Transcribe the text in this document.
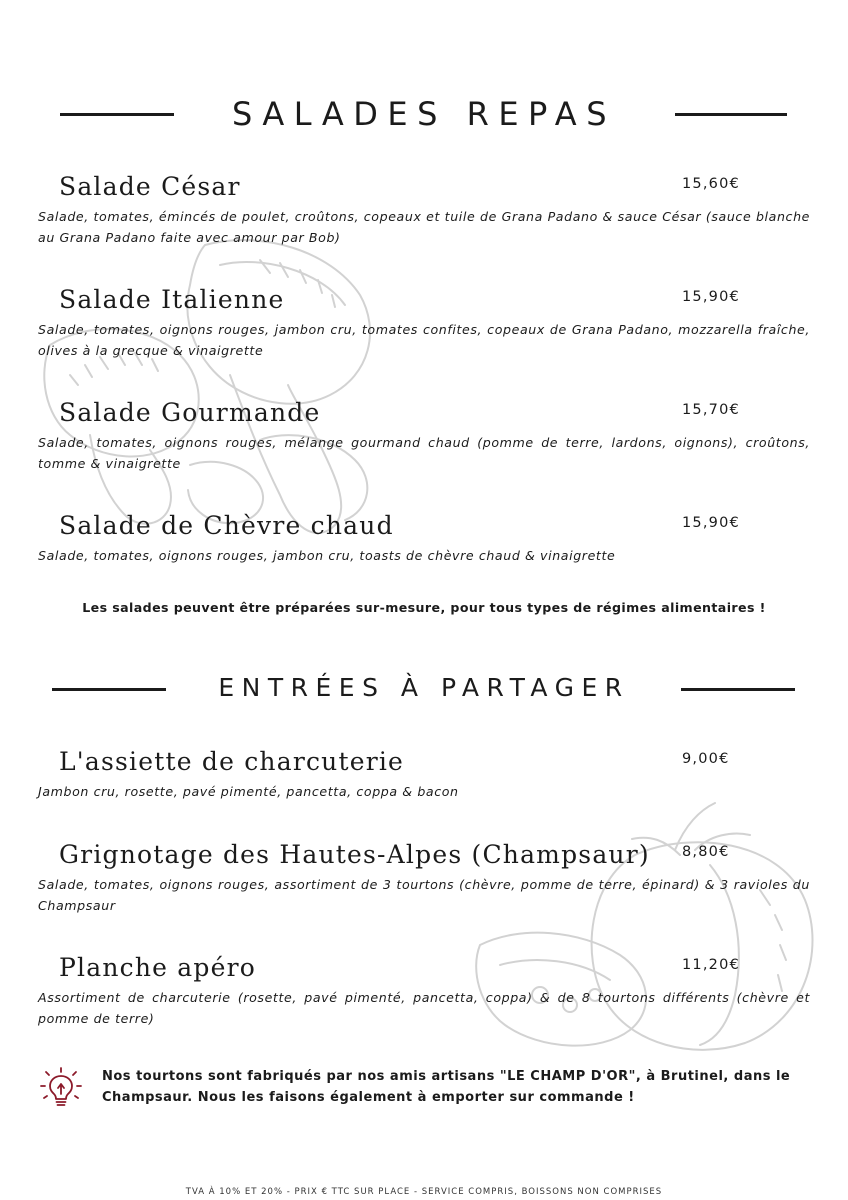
SALADES REPAS
Salade César	15,60€
Salade, tomates, émincés de poulet, croûtons, copeaux et tuile de Grana Padano & sauce César (sauce blanche au Grana Padano faite avec amour par Bob)
Salade Italienne	15,90€
Salade, tomates, oignons rouges, jambon cru, tomates confites, copeaux de Grana Padano, mozzarella fraîche, olives à la grecque & vinaigrette
Salade Gourmande	15,70€
Salade, tomates, oignons rouges, mélange gourmand chaud (pomme de terre, lardons, oignons), croûtons, tomme & vinaigrette
Salade de Chèvre chaud	15,90€
Salade, tomates, oignons rouges, jambon cru, toasts de chèvre chaud & vinaigrette
Les salades peuvent être préparées sur-mesure, pour tous types de régimes alimentaires !
ENTRÉES À PARTAGER
L'assiette de charcuterie	9,00€
Jambon cru, rosette, pavé pimenté, pancetta, coppa & bacon
Grignotage des Hautes-Alpes (Champsaur) 8,80€
Salade, tomates, oignons rouges, assortiment de 3 tourtons (chèvre, pomme de terre, épinard) & 3 ravioles du Champsaur
Planche apéro	11,20€
Assortiment de charcuterie (rosette, pavé pimenté, pancetta, coppa) & de 8 tourtons différents (chèvre et pomme de terre)
Nos tourtons sont fabriqués par nos amis artisans "LE CHAMP D'OR", à Brutinel, dans le Champsaur. Nous les faisons également à emporter sur commande !
TVA À 10% ET 20% - PRIX € TTC SUR PLACE - SERVICE COMPRIS, BOISSONS NON COMPRISES
